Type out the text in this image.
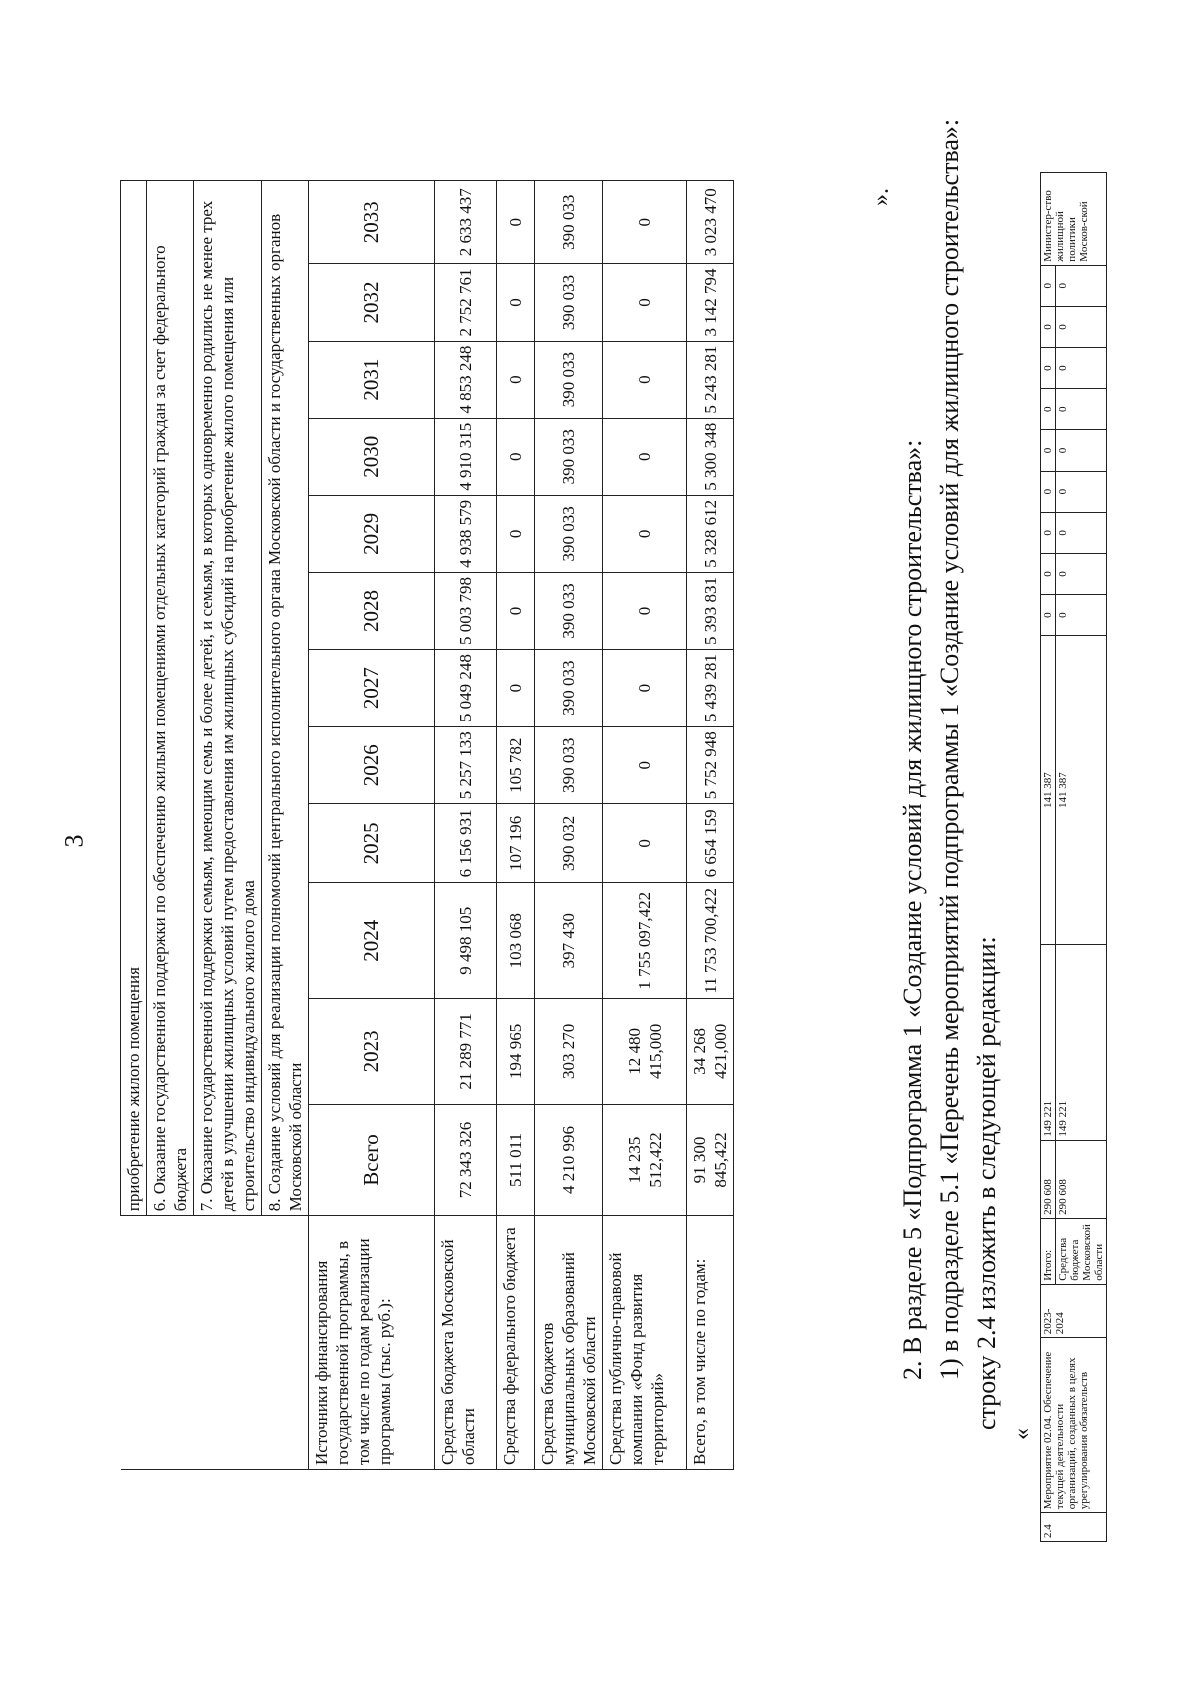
3
	приобретение жилого помещения											
	6. Оказание государственной поддержки по обеспечению жилыми помещениями отдельных категорий граждан за счет федерального бюджета											
	7. Оказание государственной поддержки семьям, имеющим семь и более детей, и семьям, в которых одновременно родились не менее трех детей в улучшении жилищных условий путем предоставления им жилищных субсидий на приобретение жилого помещения или строительство индивидуального жилого дома											
	8. Создание условий для реализации полномочий центрального исполнительного органа Московской области и государственных органов Московской области											
Источники финансирования государственной программы, в том числе по годам реализации программы (тыс. руб.):	Всего	2023	2024	2025	2026	2027	2028	2029	2030	2031	2032	2033
Средства бюджета Московской области	72 343 326	21 289 771	9 498 105	6 156 931	5 257 133	5 049 248	5 003 798	4 938 579	4 910 315	4 853 248	2 752 761	2 633 437
Средства федерального бюджета	511 011	194 965	103 068	107 196	105 782	0	0	0	0	0	0	0
Средства бюджетов муниципальных образований Московской области	4 210 996	303 270	397 430	390 032	390 033	390 033	390 033	390 033	390 033	390 033	390 033	390 033
Средства публично-правовой компании «Фонд развития территорий»	14 235 512,422	12 480 415,000	1 755 097,422	0	0	0	0	0	0	0	0	0
Всего, в том числе по годам:	91 300 845,422	34 268 421,000	11 753 700,422	6 654 159	5 752 948	5 439 281	5 393 831	5 328 612	5 300 348	5 243 281	3 142 794	3 023 470	».
2. В разделе 5 «Подпрограмма 1 «Создание условий для жилищного строительства»: 1) в подразделе 5.1 «Перечень мероприятий подпрограммы 1 «Создание условий для жилищного строительства»: строку 2.4 изложить в следующей редакции:
«
2.4	Мероприятие 02.04. Обеспечение текущей деятельности организаций, созданных в целях урегулирования обязательств	2023-2024	Итого:	290 608	149 221	141 387	0	0	0	0	0	0	0	0	0	Министер-ство жилищной политики Москов-ской
			Средства бюджета Московской области	290 608	149 221	141 387	0	0	0	0	0	0	0	0	0	
